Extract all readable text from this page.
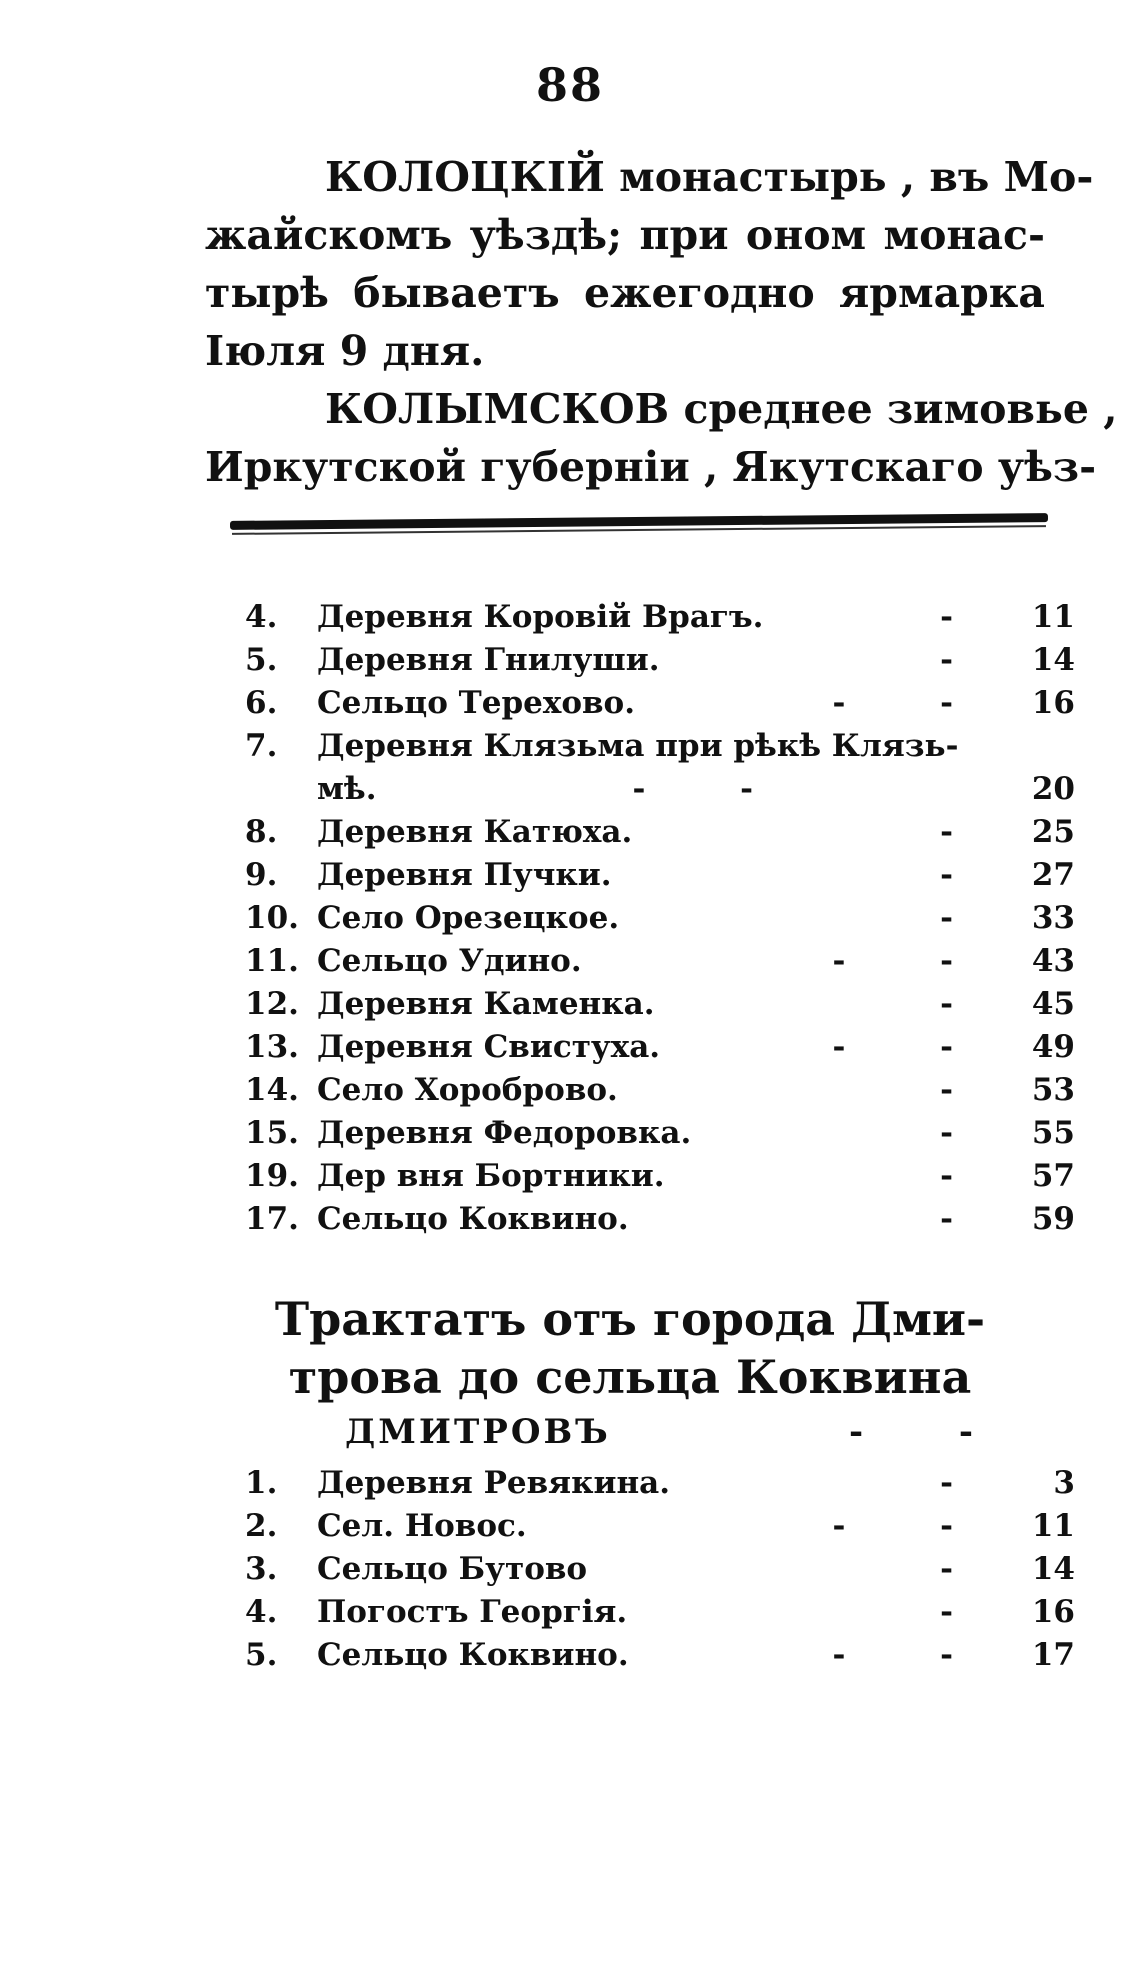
88

КОЛОЦКІЙ монастырь , въ Мо-
жайскомъ уѣздѣ; при оном монас-
тырѣ бываетъ ежегодно ярмарка
Іюля 9 дня.

КОЛЫМСКОВ среднее зимовье ,
Иркутской губерніи , Якутскаго уѣз-

4.	Деревня Коровій Врагъ.	-	11
5.	Деревня Гнилуши.	-	14
6.	Сельцо Терехово.	- -	16
7.	Деревня Клязьма при рѣкѣ Клязь-мѣ.	- -	20
8.	Деревня Катюха.	-	25
9.	Деревня Пучки.	-	27
10. Село Орезецкое.	-	33
11. Сельцо Удино.	- -	43
12. Деревня Каменка.	-	45
13. Деревня Свистуха.	- -	49
14. Село Хороброво.	-	53
15. Деревня Федоровка.	-	55
19. Дер вня Бортники.	-	57
17. Сельцо Коквино.	-	59
Трактатъ отъ города Дми-
трова до сельца Коквина
ДМИТРОВЪ	- -
1.	Деревня Ревякина.	-	3
2.	Сел. Новос.	- -	11
3.	Сельцо Бутово	-	14
4.	Погостъ Георгія.	-	16
5.	Сельцо Коквино.	- -	17
